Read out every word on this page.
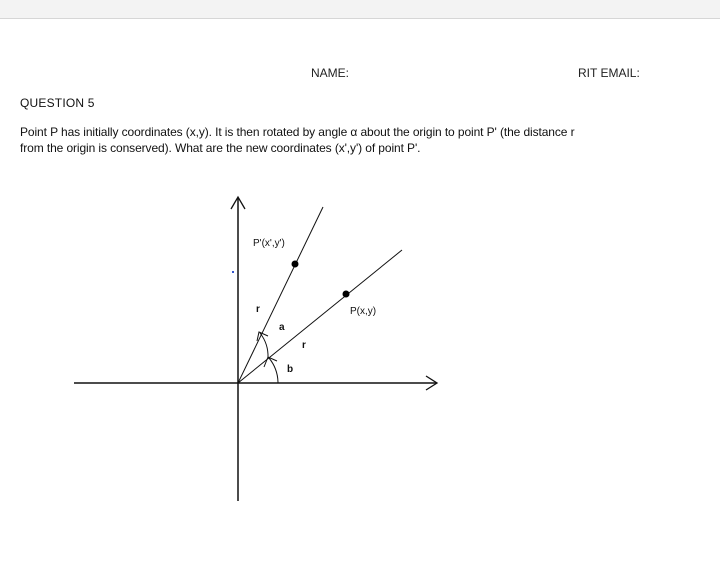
NAME:	RIT EMAIL:
QUESTION 5
Point P has initially coordinates (x,y). It is then rotated by angle α about the origin to point P' (the distance r
from the origin is conserved). What are the new coordinates (x',y') of point P'.
P'(x',y')
P(x,y)
r
r
a
b
